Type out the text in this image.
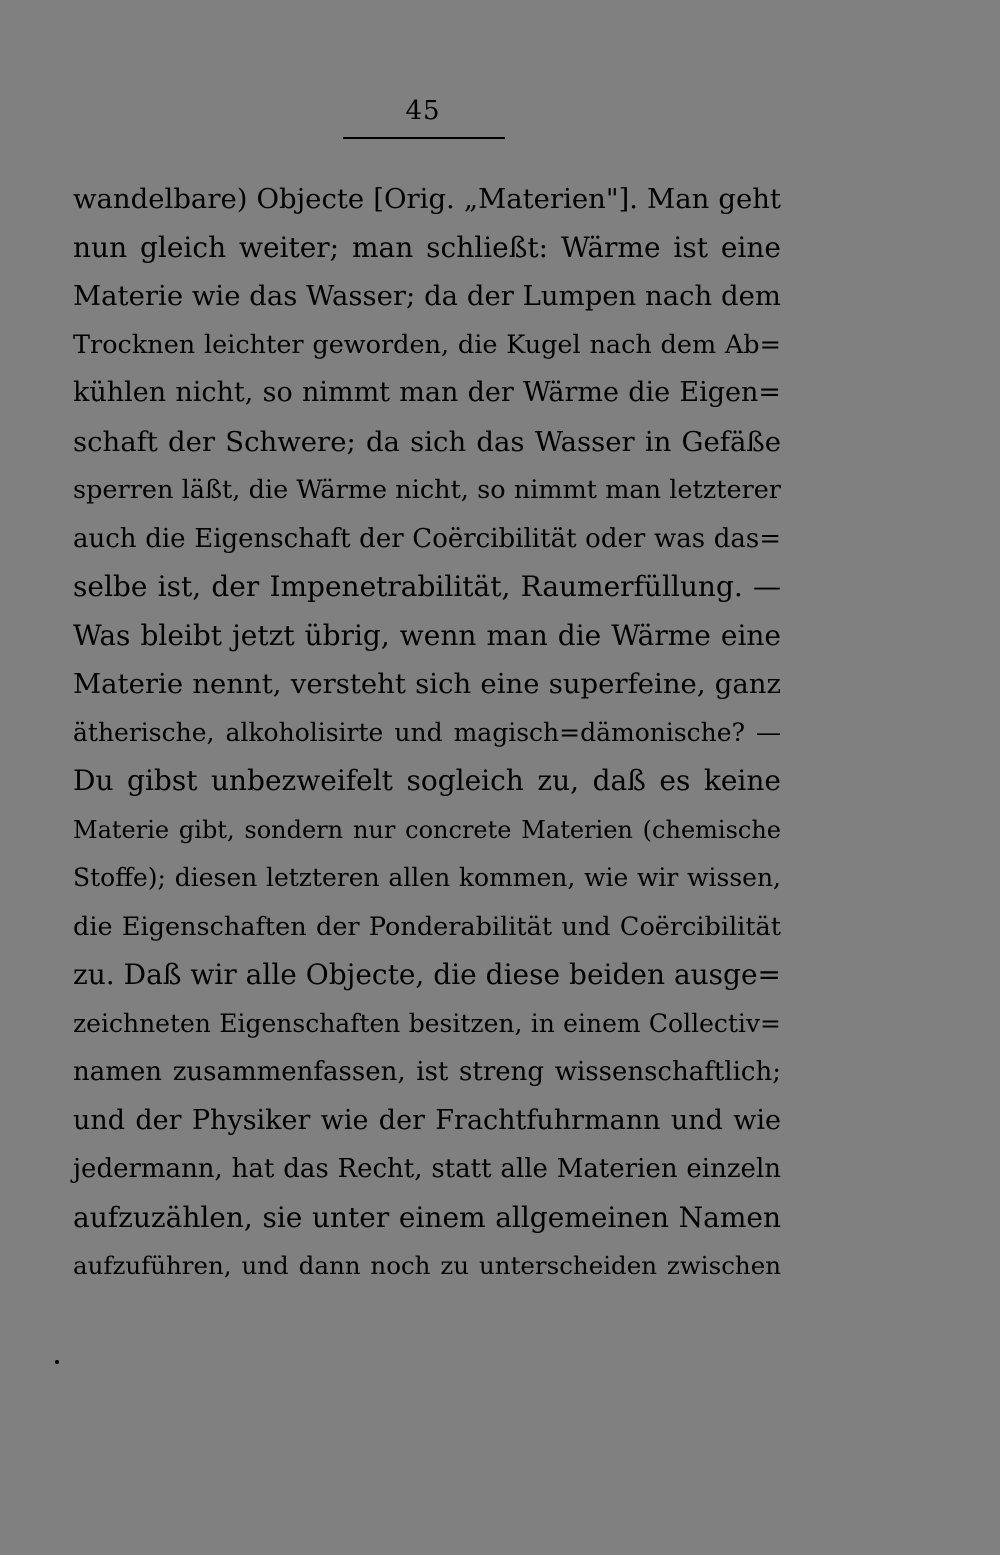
45
wandelbare) Objecte [Orig. „Materien"]. Man geht
nun gleich weiter; man schließt: Wärme ist eine
Materie wie das Wasser; da der Lumpen nach dem
Trocknen leichter geworden, die Kugel nach dem Ab=
kühlen nicht, so nimmt man der Wärme die Eigen=
schaft der Schwere; da sich das Wasser in Gefäße
sperren läßt, die Wärme nicht, so nimmt man letzterer
auch die Eigenschaft der Coërcibilität oder was das=
selbe ist, der Impenetrabilität, Raumerfüllung. —
Was bleibt jetzt übrig, wenn man die Wärme eine
Materie nennt, versteht sich eine superfeine, ganz
ätherische, alkoholisirte und magisch=dämonische? —
Du gibst unbezweifelt sogleich zu, daß es keine
Materie gibt, sondern nur concrete Materien (chemische
Stoffe); diesen letzteren allen kommen, wie wir wissen,
die Eigenschaften der Ponderabilität und Coërcibilität
zu. Daß wir alle Objecte, die diese beiden ausge=
zeichneten Eigenschaften besitzen, in einem Collectiv=
namen zusammenfassen, ist streng wissenschaftlich;
und der Physiker wie der Frachtfuhrmann und wie
jedermann, hat das Recht, statt alle Materien einzeln
aufzuzählen, sie unter einem allgemeinen Namen
aufzuführen, und dann noch zu unterscheiden zwischen
